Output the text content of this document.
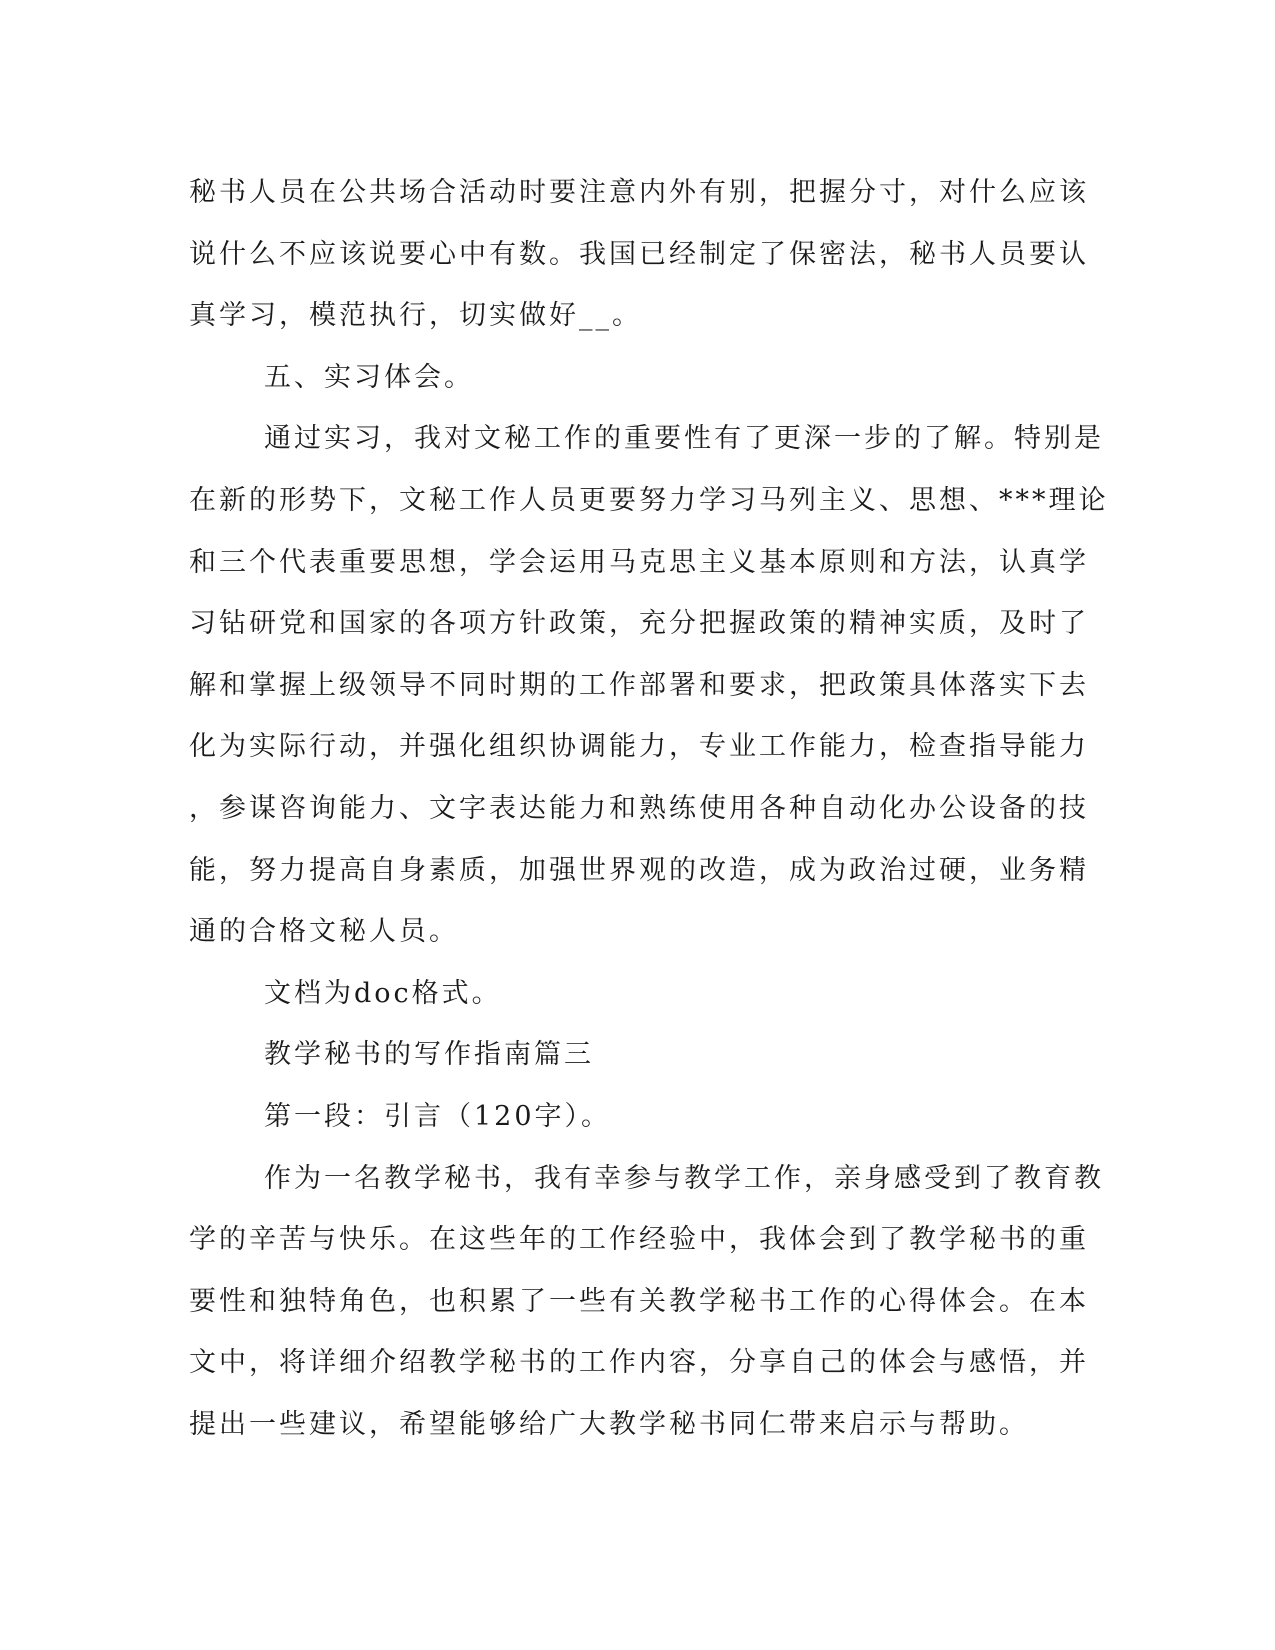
秘书人员在公共场合活动时要注意内外有别，把握分寸，对什么应该
说什么不应该说要心中有数。我国已经制定了保密法，秘书人员要认
真学习，模范执行，切实做好__。
五、实习体会。
通过实习，我对文秘工作的重要性有了更深一步的了解。特别是
在新的形势下，文秘工作人员更要努力学习马列主义、思想、***理论
和三个代表重要思想，学会运用马克思主义基本原则和方法，认真学
习钻研党和国家的各项方针政策，充分把握政策的精神实质，及时了
解和掌握上级领导不同时期的工作部署和要求，把政策具体落实下去
化为实际行动，并强化组织协调能力，专业工作能力，检查指导能力
，参谋咨询能力、文字表达能力和熟练使用各种自动化办公设备的技
能，努力提高自身素质，加强世界观的改造，成为政治过硬，业务精
通的合格文秘人员。
文档为doc格式。
教学秘书的写作指南篇三
第一段：引言（120字）。
作为一名教学秘书，我有幸参与教学工作，亲身感受到了教育教
学的辛苦与快乐。在这些年的工作经验中，我体会到了教学秘书的重
要性和独特角色，也积累了一些有关教学秘书工作的心得体会。在本
文中，将详细介绍教学秘书的工作内容，分享自己的体会与感悟，并
提出一些建议，希望能够给广大教学秘书同仁带来启示与帮助。
